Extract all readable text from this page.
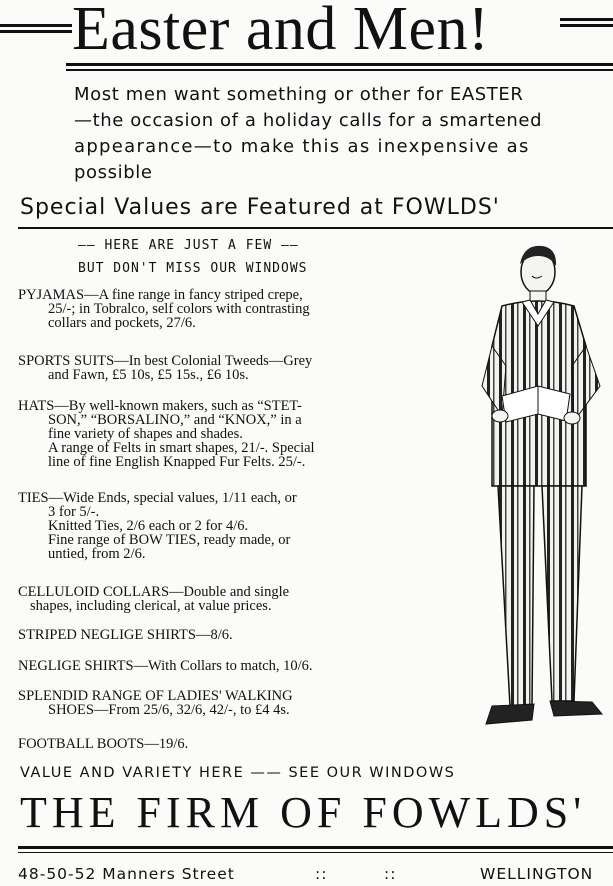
Easter and Men!
Most men want something or other for EASTER
—the occasion of a holiday calls for a smartened
appearance—to make this as inexpensive as
possible
Special Values are Featured at FOWLDS'
—— HERE ARE JUST A FEW ——
BUT DON'T MISS OUR WINDOWS
PYJAMAS—A fine range in fancy striped crepe,
25/-; in Tobralco, self colors with contrasting
collars and pockets, 27/6.
SPORTS SUITS—In best Colonial Tweeds—Grey
and Fawn, £5 10s, £5 15s., £6 10s.
HATS—By well-known makers, such as “STET-
SON,” “BORSALINO,” and “KNOX,” in a
fine variety of shapes and shades.
A range of Felts in smart shapes, 21/-. Special
line of fine English Knapped Fur Felts. 25/-.
TIES—Wide Ends, special values, 1/11 each, or
3 for 5/-.
Knitted Ties, 2/6 each or 2 for 4/6.
Fine range of BOW TIES, ready made, or
untied, from 2/6.
CELLULOID COLLARS—Double and single
shapes, including clerical, at value prices.
STRIPED NEGLIGE SHIRTS—8/6.
NEGLIGE SHIRTS—With Collars to match, 10/6.
SPLENDID RANGE OF LADIES' WALKING
SHOES—From 25/6, 32/6, 42/-, to £4 4s.
FOOTBALL BOOTS—19/6.
VALUE AND VARIETY HERE —— SEE OUR WINDOWS
THE FIRM OF FOWLDS'
48-50-52 Manners Street	::	::	WELLINGTON
